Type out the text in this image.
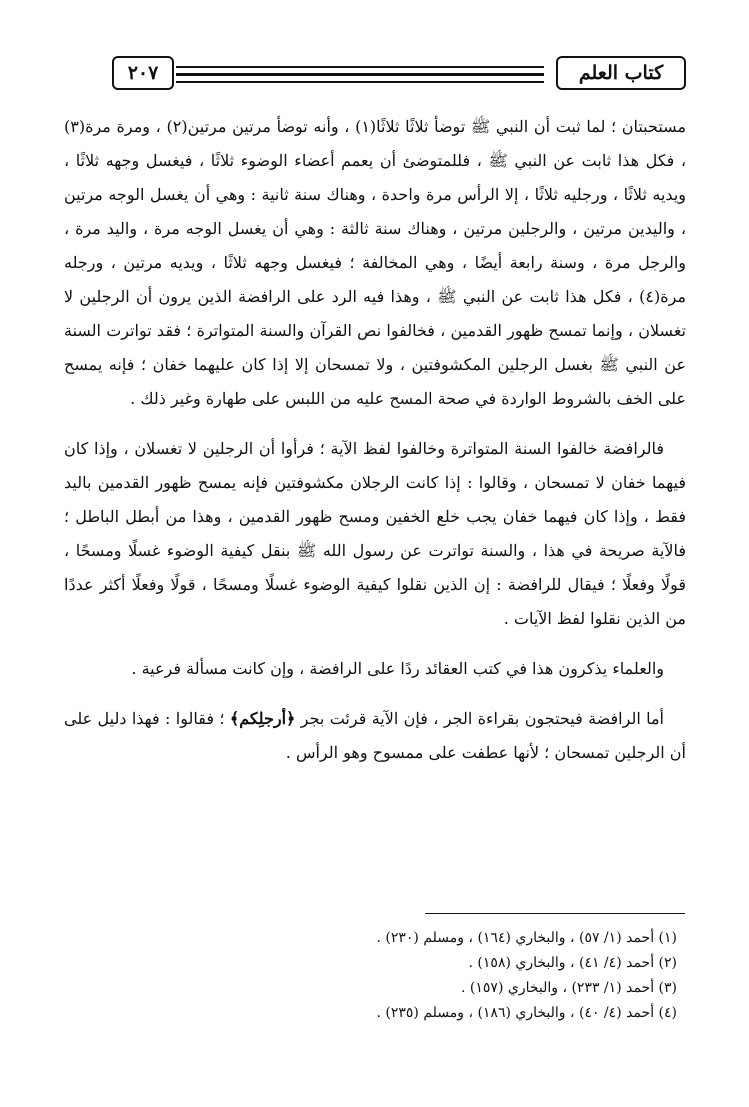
٢٠٧	كتاب العلم

مستحبتان ؛ لما ثبت أن النبي ﷺ توضأ ثلاثًا ثلاثًا(١) ، وأنه توضأ مرتين مرتين(٢) ، ومرة مرة(٣) ، فكل هذا ثابت عن النبي ﷺ ، فللمتوضئ أن يعمم أعضاء الوضوء ثلاثًا ، فيغسل وجهه ثلاثًا ، ويديه ثلاثًا ، ورجليه ثلاثًا ، إلا الرأس مرة واحدة ، وهناك سنة ثانية : وهي أن يغسل الوجه مرتين ، واليدين مرتين ، والرجلين مرتين ، وهناك سنة ثالثة : وهي أن يغسل الوجه مرة ، واليد مرة ، والرجل مرة ، وسنة رابعة أيضًا ، وهي المخالفة ؛ فيغسل وجهه ثلاثًا ، ويديه مرتين ، ورجله مرة(٤) ، فكل هذا ثابت عن النبي ﷺ ، وهذا فيه الرد على الرافضة الذين يرون أن الرجلين لا تغسلان ، وإنما تمسح ظهور القدمين ، فخالفوا نص القرآن والسنة المتواترة ؛ فقد تواترت السنة عن النبي ﷺ بغسل الرجلين المكشوفتين ، ولا تمسحان إلا إذا كان عليهما خفان ؛ فإنه يمسح على الخف بالشروط الواردة في صحة المسح عليه من اللبس على طهارة وغير ذلك .

فالرافضة خالفوا السنة المتواترة وخالفوا لفظ الآية ؛ فرأوا أن الرجلين لا تغسلان ، وإذا كان فيهما خفان لا تمسحان ، وقالوا : إذا كانت الرجلان مكشوفتين فإنه يمسح ظهور القدمين باليد فقط ، وإذا كان فيهما خفان يجب خلع الخفين ومسح ظهور القدمين ، وهذا من أبطل الباطل ؛ فالآية صريحة في هذا ، والسنة تواترت عن رسول الله ﷺ بنقل كيفية الوضوء غسلًا ومسحًا ، قولًا وفعلًا ؛ فيقال للرافضة : إن الذين نقلوا كيفية الوضوء غسلًا ومسحًا ، قولًا وفعلًا أكثر عددًا من الذين نقلوا لفظ الآيات .

والعلماء يذكرون هذا في كتب العقائد ردًا على الرافضة ، وإن كانت مسألة فرعية .

أما الرافضة فيحتجون بقراءة الجر ، فإن الآية قرئت بجر ﴿أرجلِكم﴾ ؛ فقالوا : فهذا دليل على أن الرجلين تمسحان ؛ لأنها عطفت على ممسوح وهو الرأس .

(١) أحمد (١/ ٥٧) ، والبخاري (١٦٤) ، ومسلم (٢٣٠) .
(٢) أحمد (٤/ ٤١) ، والبخاري (١٥٨) .
(٣) أحمد (١/ ٢٣٣) ، والبخاري (١٥٧) .
(٤) أحمد (٤/ ٤٠) ، والبخاري (١٨٦) ، ومسلم (٢٣٥) .
